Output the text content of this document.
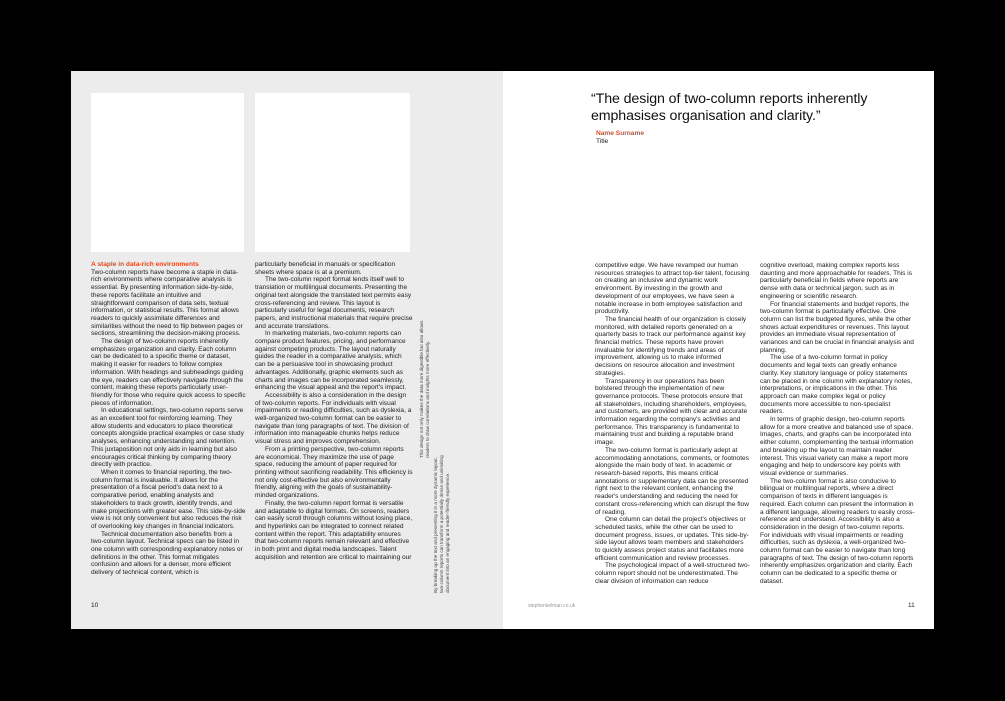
A staple in data-rich environments

Two-column reports have become a staple in data-rich environments where comparative analysis is essential. By presenting information side-by-side, these reports facilitate an intuitive and straightforward comparison of data sets, textual information, or statistical results. This format allows readers to quickly assimilate differences and similarities without the need to flip between pages or sections, streamlining the decision-making process.

The design of two-column reports inherently emphasizes organization and clarity. Each column can be dedicated to a specific theme or dataset, making it easier for readers to follow complex information. With headings and subheadings guiding the eye, readers can effectively navigate through the content, making these reports particularly user-friendly for those who require quick access to specific pieces of information.

In educational settings, two-column reports serve as an excellent tool for reinforcing learning. They allow students and educators to place theoretical concepts alongside practical examples or case study analyses, enhancing understanding and retention. This juxtaposition not only aids in learning but also encourages critical thinking by comparing theory directly with practice.

When it comes to financial reporting, the two-column format is invaluable. It allows for the presentation of a fiscal period's data next to a comparative period, enabling analysts and stakeholders to track growth, identify trends, and make projections with greater ease. This side-by-side view is not only convenient but also reduces the risk of overlooking key changes in financial indicators.

Technical documentation also benefits from a two-column layout. Technical specs can be listed in one column with corresponding explanatory notes or definitions in the other. This format mitigates confusion and allows for a denser, more efficient delivery of technical content, which is

particularly beneficial in manuals or specification sheets where space is at a premium.

The two-column report format lends itself well to translation or multilingual documents. Presenting the original text alongside the translated text permits easy cross-referencing and review. This layout is particularly useful for legal documents, research papers, and instructional materials that require precise and accurate translations.

In marketing materials, two-column reports can compare product features, pricing, and performance against competing products. The layout naturally guides the reader in a comparative analysis, which can be a persuasive tool in showcasing product advantages. Additionally, graphic elements such as charts and images can be incorporated seamlessly, enhancing the visual appeal and the report's impact.

Accessibility is also a consideration in the design of two-column reports. For individuals with visual impairments or reading difficulties, such as dyslexia, a well-organized two-column format can be easier to navigate than long paragraphs of text. The division of information into manageable chunks helps reduce visual stress and improves comprehension.

From a printing perspective, two-column reports are economical. They maximize the use of page space, reducing the amount of paper required for printing without sacrificing readability. This efficiency is not only cost-effective but also environmentally friendly, aligning with the goals of sustainability-minded organizations.

Finally, the two-column report format is versatile and adaptable to digital formats. On screens, readers can easily scroll through columns without losing place, and hyperlinks can be integrated to connect related content within the report. This adaptability ensures that two-column reports remain relevant and effective in both print and digital media landscapes. Talent acquisition and retention are critical to maintaining our

This design not only makes the data more digestible but also allows readers to draw correlations and insights more effectively.
By breaking up the text and presenting it in a more dynamic layout, two-column reports can transform a potentially dense and uninviting document into an engaging and reader-friendly experience.
10
“The design of two-column reports inherently emphasises organisation and clarity.”
Name Surname
Title

competitive edge. We have revamped our human resources strategies to attract top-tier talent, focusing on creating an inclusive and dynamic work environment. By investing in the growth and development of our employees, we have seen a notable increase in both employee satisfaction and productivity.

The financial health of our organization is closely monitored, with detailed reports generated on a quarterly basis to track our performance against key financial metrics. These reports have proven invaluable for identifying trends and areas of improvement, allowing us to make informed decisions on resource allocation and investment strategies.

Transparency in our operations has been bolstered through the implementation of new governance protocols. These protocols ensure that all stakeholders, including shareholders, employees, and customers, are provided with clear and accurate information regarding the company's activities and performance. This transparency is fundamental to maintaining trust and building a reputable brand image.

The two-column format is particularly adept at accommodating annotations, comments, or footnotes alongside the main body of text. In academic or research-based reports, this means critical annotations or supplementary data can be presented right next to the relevant content, enhancing the reader's understanding and reducing the need for constant cross-referencing which can disrupt the flow of reading.

One column can detail the project's objectives or scheduled tasks, while the other can be used to document progress, issues, or updates. This side-by-side layout allows team members and stakeholders to quickly assess project status and facilitates more efficient communication and review processes.

The psychological impact of a well-structured two-column report should not be underestimated. The clear division of information can reduce

cognitive overload, making complex reports less daunting and more approachable for readers. This is particularly beneficial in fields where reports are dense with data or technical jargon, such as in engineering or scientific research.

For financial statements and budget reports, the two-column format is particularly effective. One column can list the budgeted figures, while the other shows actual expenditures or revenues. This layout provides an immediate visual representation of variances and can be crucial in financial analysis and planning.

The use of a two-column format in policy documents and legal texts can greatly enhance clarity. Key statutory language or policy statements can be placed in one column with explanatory notes, interpretations, or implications in the other. This approach can make complex legal or policy documents more accessible to non-specialist readers.

In terms of graphic design, two-column reports allow for a more creative and balanced use of space. Images, charts, and graphs can be incorporated into either column, complementing the textual information and breaking up the layout to maintain reader interest. This visual variety can make a report more engaging and help to underscore key points with visual evidence or summaries.

The two-column format is also conducive to bilingual or multilingual reports, where a direct comparison of texts in different languages is required. Each column can present the information in a different language, allowing readers to easily cross-reference and understand. Accessibility is also a consideration in the design of two-column reports. For individuals with visual impairments or reading difficulties, such as dyslexia, a well-organized two-column format can be easier to navigate than long paragraphs of text. The design of two-column reports inherently emphasizes organization and clarity. Each column can be dedicated to a specific theme or dataset.

stephenkelman.co.uk	11
